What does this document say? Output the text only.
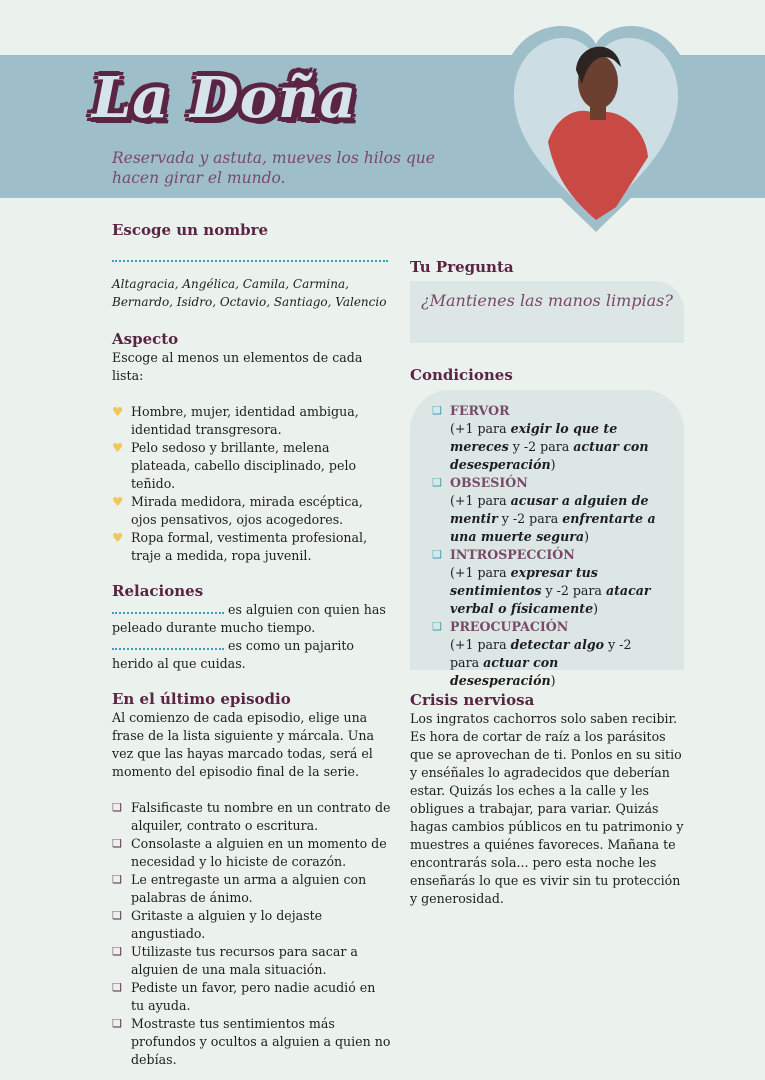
La Doña
Reservada y astuta, mueves los hilos que hacen girar el mundo.
Escoge un nombre
Altagracia, Angélica, Camila, Carmina, Bernardo, Isidro, Octavio, Santiago, Valencio
Aspecto
Escoge al menos un elementos de cada lista:
♥ Hombre, mujer, identidad ambigua, identidad transgresora.
♥ Pelo sedoso y brillante, melena plateada, cabello disciplinado, pelo teñido.
♥ Mirada medidora, mirada escéptica, ojos pensativos, ojos acogedores.
♥ Ropa formal, vestimenta profesional, traje a medida, ropa juvenil.
Relaciones
es alguien con quien has peleado durante mucho tiempo.
es como un pajarito herido al que cuidas.
En el último episodio
Al comienzo de cada episodio, elige una frase de la lista siguiente y márcala. Una vez que las hayas marcado todas, será el momento del episodio final de la serie.
❑ Falsificaste tu nombre en un contrato de alquiler, contrato o escritura.
❑ Consolaste a alguien en un momento de necesidad y lo hiciste de corazón.
❑ Le entregaste un arma a alguien con palabras de ánimo.
❑ Gritaste a alguien y lo dejaste angustiado.
❑ Utilizaste tus recursos para sacar a alguien de una mala situación.
❑ Pediste un favor, pero nadie acudió en tu ayuda.
❑ Mostraste tus sentimientos más profundos y ocultos a alguien a quien no debías.
Tu Pregunta
¿Mantienes las manos limpias?
Condiciones
❑ FERVOR
(+1 para exigir lo que te mereces y -2 para actuar con desesperación)
❑ OBSESIÓN
(+1 para acusar a alguien de mentir y -2 para enfrentarte a una muerte segura)
❑ INTROSPECCIÓN
(+1 para expresar tus sentimientos y -2 para atacar verbal o físicamente)
❑ PREOCUPACIÓN
(+1 para detectar algo y -2 para actuar con desesperación)
Crisis nerviosa
Los ingratos cachorros solo saben recibir. Es hora de cortar de raíz a los parásitos que se aprovechan de ti. Ponlos en su sitio y enséñales lo agradecidos que deberían estar. Quizás los eches a la calle y les obligues a trabajar, para variar. Quizás hagas cambios públicos en tu patrimonio y muestres a quiénes favoreces. Mañana te encontrarás sola... pero esta noche les enseñarás lo que es vivir sin tu protección y generosidad.
